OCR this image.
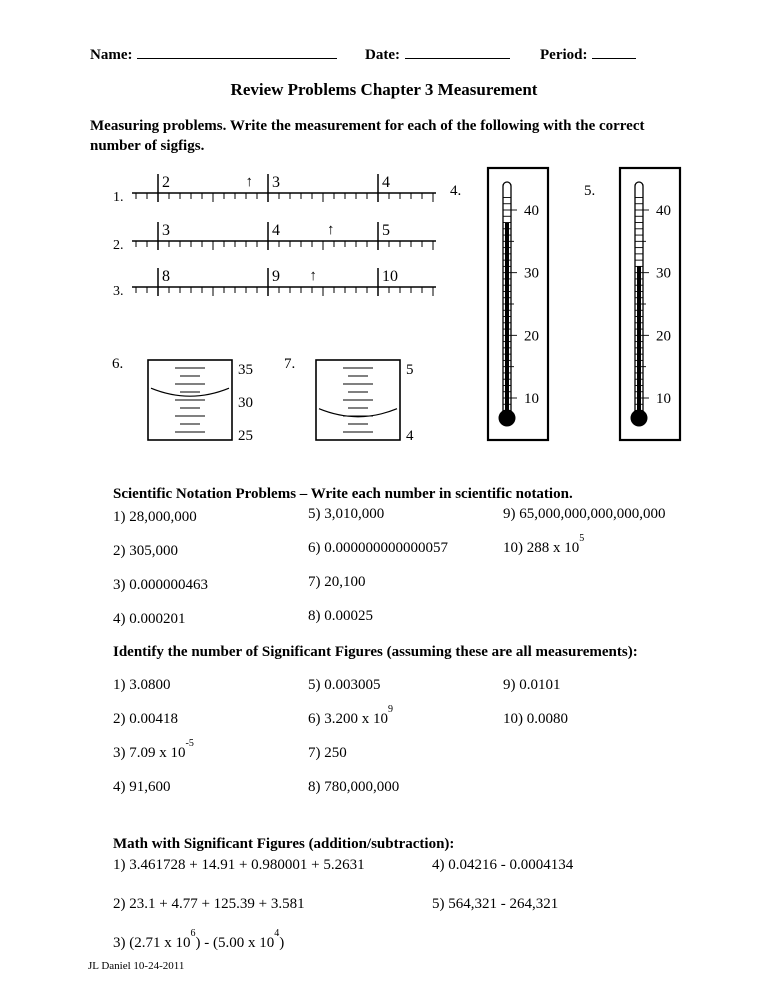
Name:	Date:	Period:
Review Problems Chapter 3 Measurement
Measuring problems. Write the measurement for each of the following with the correct number of sigfigs.
1.
2	3	4
↑
2.
3	4	5
↑
3.
8	9	10
↑
4.
40
30
20
10
5.
40
30
20
10
6.	35
30
25
7.	5
4
Scientific Notation Problems – Write each number in scientific notation.
1) 28,000,000
2) 305,000
3) 0.000000463
4) 0.000201
5) 3,010,000
6) 0.000000000000057
7) 20,100
8) 0.00025
9) 65,000,000,000,000,000
10) 288 x $10^5$
Identify the number of Significant Figures (assuming these are all measurements):
1) 3.0800
2) 0.00418
3) 7.09 x $10^{-5}$
4) 91,600
5) 0.003005
6) 3.200 x $10^9$
7) 250
8) 780,000,000
9) 0.0101
10) 0.0080
Math with Significant Figures (addition/subtraction):
1) 3.461728 + 14.91 + 0.980001 + 5.2631
2) 23.1 + 4.77 + 125.39 + 3.581
3) (2.71 x $10^6) - (5.00$ x $10^4$)
4) 0.04216 - 0.0004134
5) 564,321 - 264,321
JL Daniel 10-24-2011
